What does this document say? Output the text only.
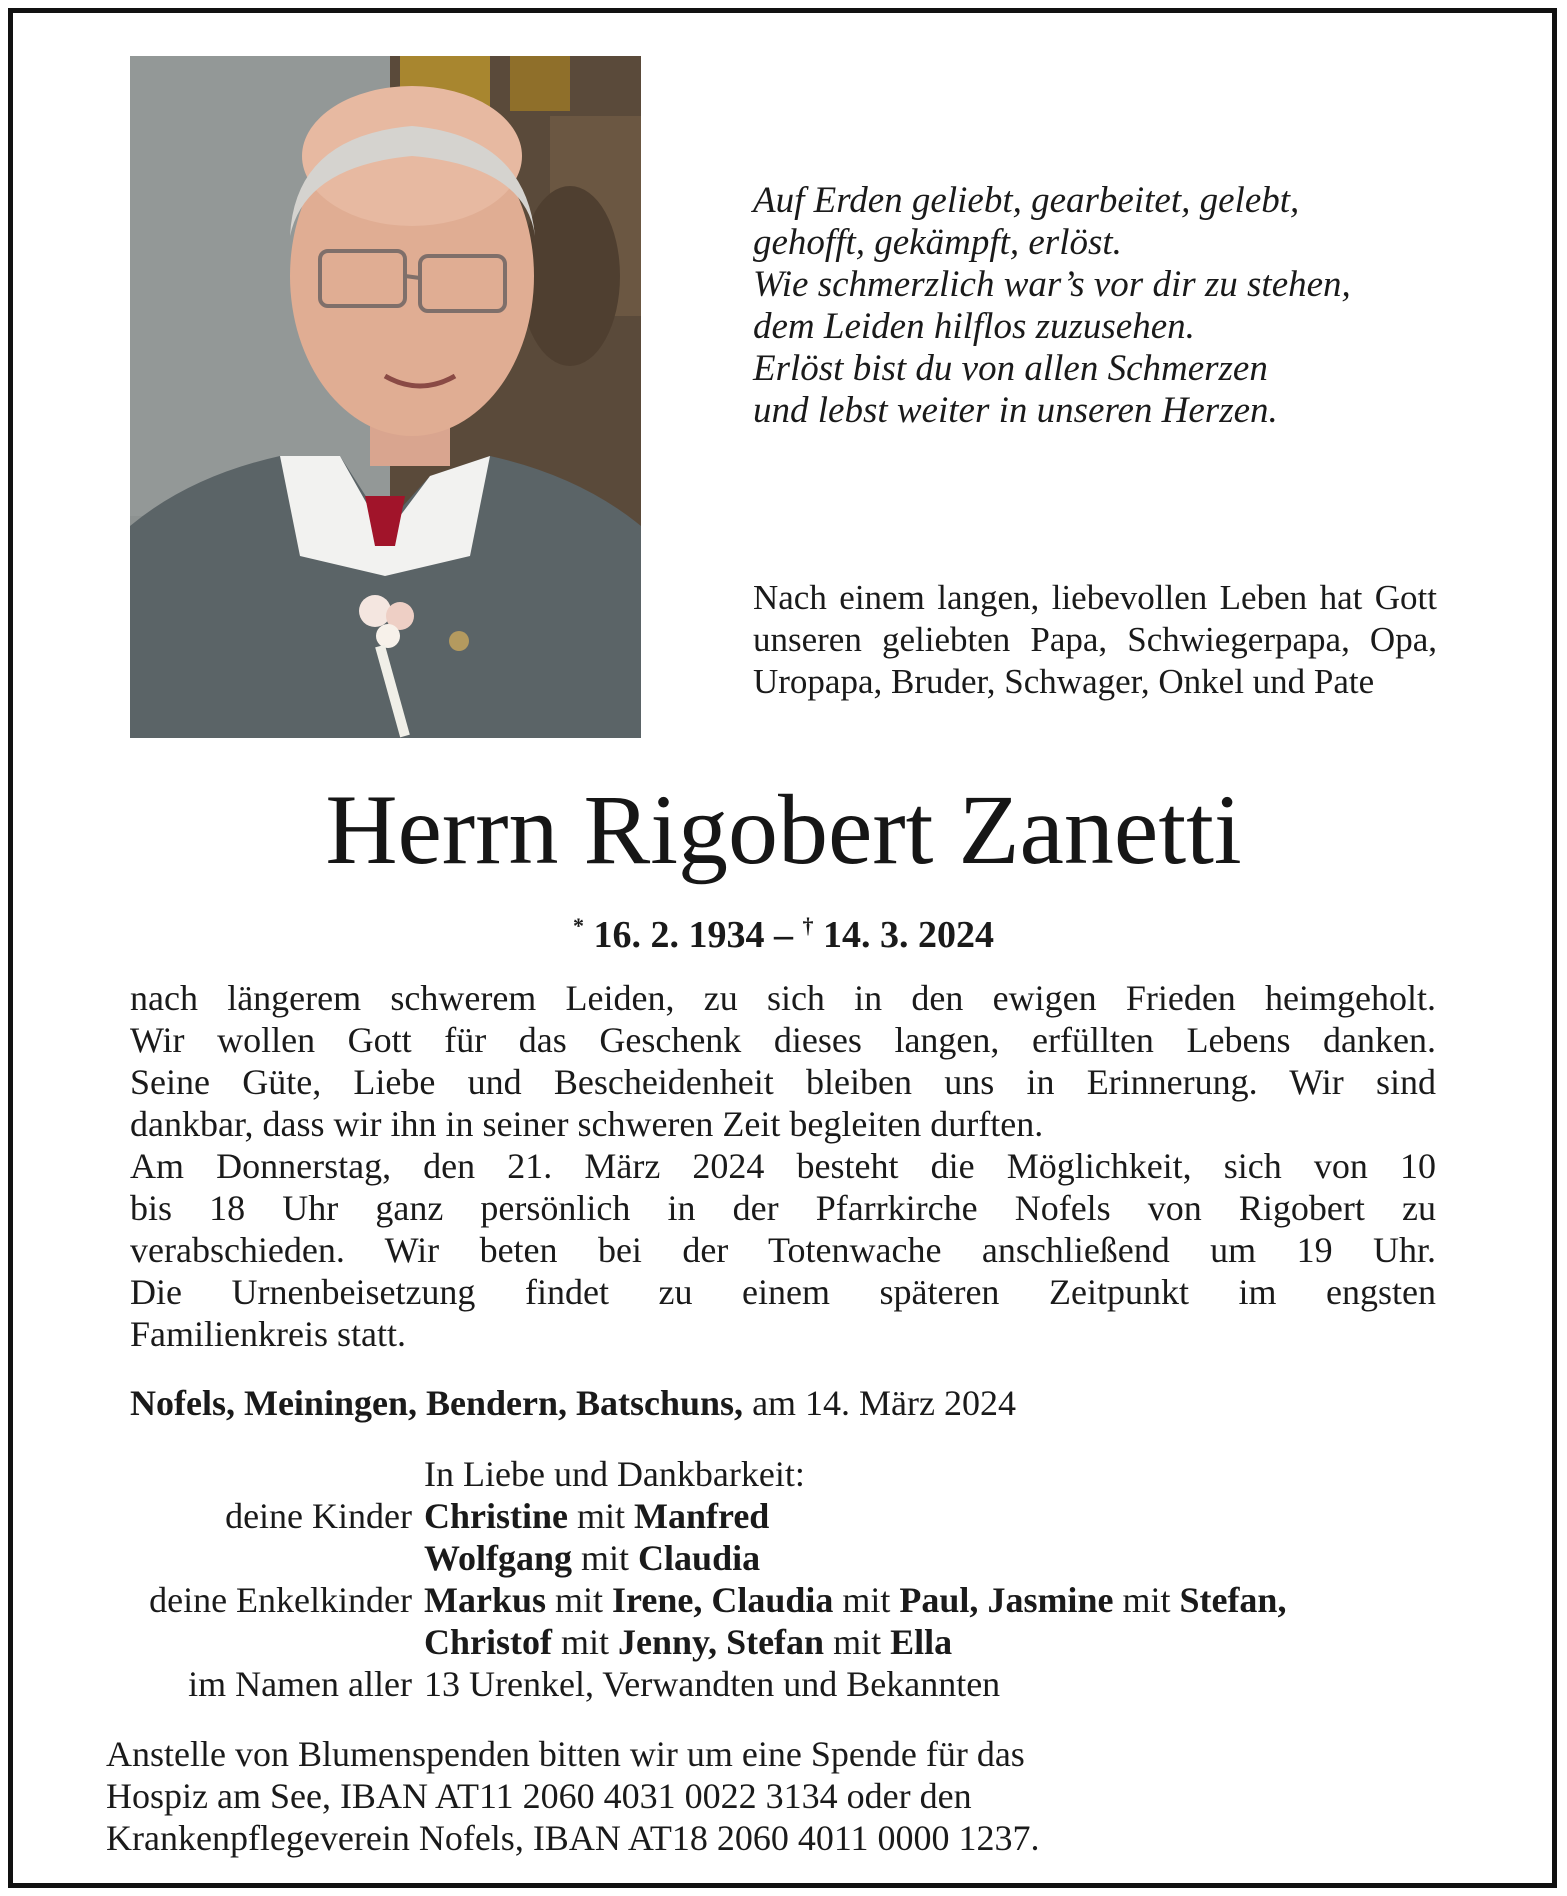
Auf Erden geliebt, gearbeitet, gelebt,
gehofft, gekämpft, erlöst.
Wie schmerzlich war’s vor dir zu stehen,
dem Leiden hilflos zuzusehen.
Erlöst bist du von allen Schmerzen
und lebst weiter in unseren Herzen.
Nach einem langen, liebevollen Leben hat Gott unseren geliebten Papa, Schwiegerpapa, Opa, Uropapa, Bruder, Schwager, Onkel und Pate
Herrn Rigobert Zanetti
* 16. 2. 1934 – † 14. 3. 2024
nach längerem schwerem Leiden, zu sich in den ewigen Frieden heimgeholt.
Wir wollen Gott für das Geschenk dieses langen, erfüllten Lebens danken.
Seine Güte, Liebe und Bescheidenheit bleiben uns in Erinnerung. Wir sind
dankbar, dass wir ihn in seiner schweren Zeit begleiten durften.
Am Donnerstag, den 21. März 2024 besteht die Möglichkeit, sich von 10
bis 18 Uhr ganz persönlich in der Pfarrkirche Nofels von Rigobert zu
verabschieden. Wir beten bei der Totenwache anschließend um 19 Uhr.
Die Urnenbeisetzung findet zu einem späteren Zeitpunkt im engsten
Familienkreis statt.
Nofels, Meiningen, Bendern, Batschuns, am 14. März 2024
In Liebe und Dankbarkeit:
deine Kinder Christine mit Manfred
Wolfgang mit Claudia
deine Enkelkinder Markus mit Irene, Claudia mit Paul, Jasmine mit Stefan,
Christof mit Jenny, Stefan mit Ella
im Namen aller 13 Urenkel, Verwandten und Bekannten
Anstelle von Blumenspenden bitten wir um eine Spende für das
Hospiz am See, IBAN AT11 2060 4031 0022 3134 oder den
Krankenpflegeverein Nofels, IBAN AT18 2060 4011 0000 1237.
